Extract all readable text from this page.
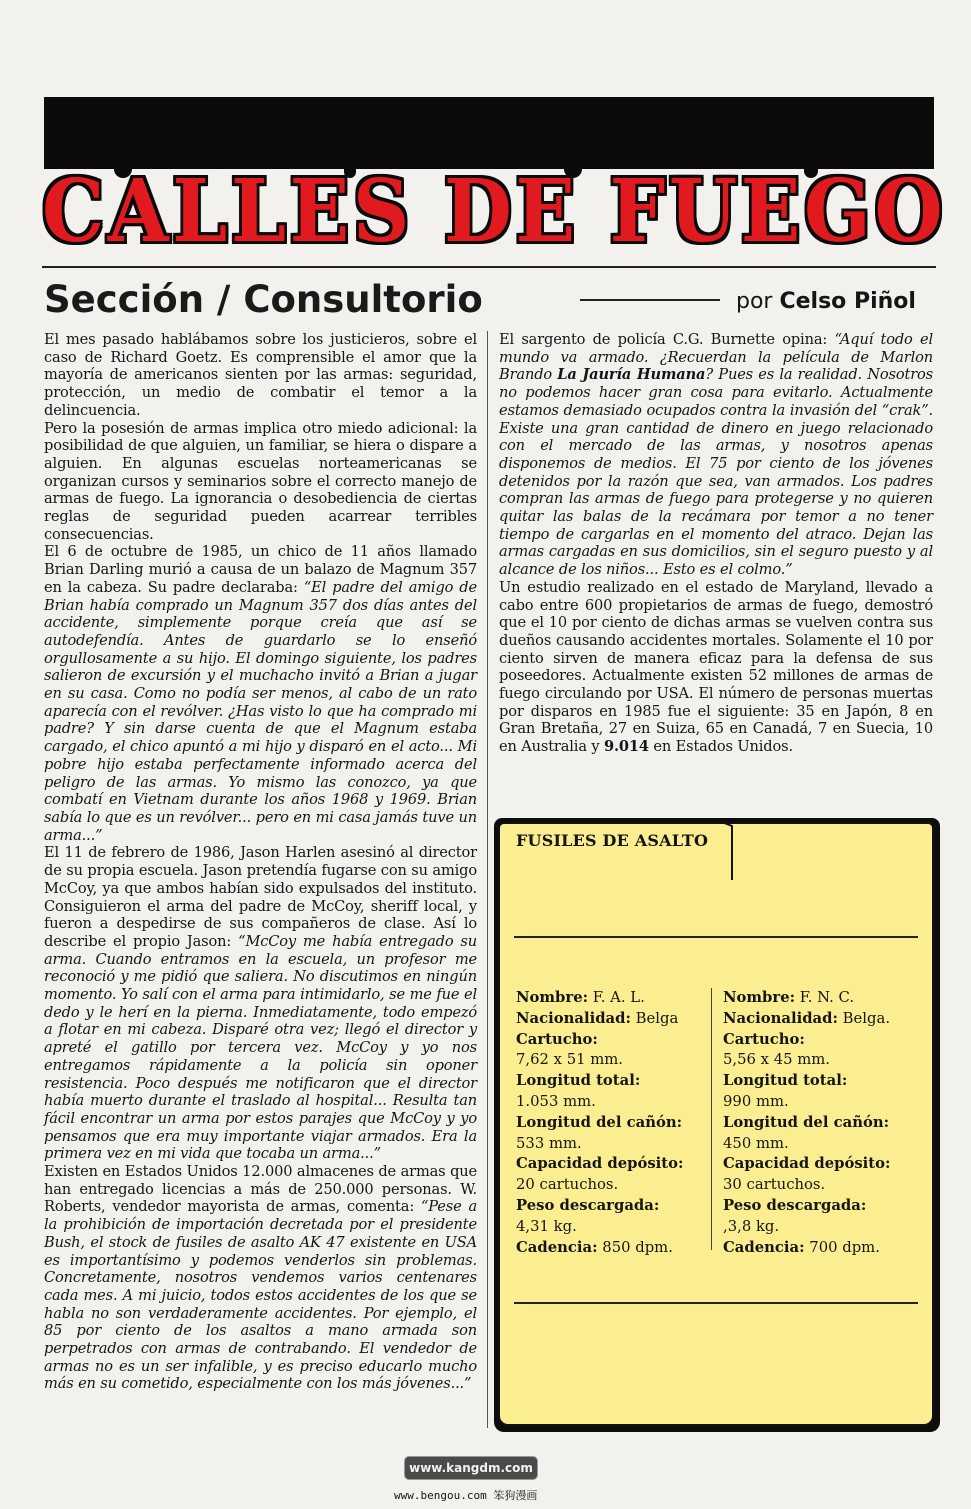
CALLES DE FUEGO
Sección / Consultorio	por Celso Piñol

El mes pasado hablábamos sobre los justicieros, sobre el caso de Richard Goetz. Es comprensible el amor que la mayoría de americanos sienten por las armas: seguridad, protección, un medio de combatir el temor a la delincuencia.

Pero la posesión de armas implica otro miedo adicional: la posibilidad de que alguien, un familiar, se hiera o dispare a alguien. En algunas escuelas norteamericanas se organizan cursos y seminarios sobre el correcto manejo de armas de fuego. La ignorancia o desobediencia de ciertas reglas de seguridad pueden acarrear terribles consecuencias.

El 6 de octubre de 1985, un chico de 11 años llamado Brian Darling murió a causa de un balazo de Magnum 357 en la cabeza. Su padre declaraba: “El padre del amigo de Brian había comprado un Magnum 357 dos días antes del accidente, simplemente porque creía que así se autodefendía. Antes de guardarlo se lo enseñó orgullosamente a su hijo. El domingo siguiente, los padres salieron de excursión y el muchacho invitó a Brian a jugar en su casa. Como no podía ser menos, al cabo de un rato aparecía con el revólver. ¿Has visto lo que ha comprado mi padre? Y sin darse cuenta de que el Magnum estaba cargado, el chico apuntó a mi hijo y disparó en el acto... Mi pobre hijo estaba perfectamente informado acerca del peligro de las armas. Yo mismo las conozco, ya que combatí en Vietnam durante los años 1968 y 1969. Brian sabía lo que es un revólver... pero en mi casa jamás tuve un arma...”

El 11 de febrero de 1986, Jason Harlen asesinó al director de su propia escuela. Jason pretendía fugarse con su amigo McCoy, ya que ambos habían sido expulsados del instituto. Consiguieron el arma del padre de McCoy, sheriff local, y fueron a despedirse de sus compañeros de clase. Así lo describe el propio Jason: “McCoy me había entregado su arma. Cuando entramos en la escuela, un profesor me reconoció y me pidió que saliera. No discutimos en ningún momento. Yo salí con el arma para intimidarlo, se me fue el dedo y le herí en la pierna. Inmediatamente, todo empezó a flotar en mi cabeza. Disparé otra vez; llegó el director y apreté el gatillo por tercera vez. McCoy y yo nos entregamos rápidamente a la policía sin oponer resistencia. Poco después me notificaron que el director había muerto durante el traslado al hospital... Resulta tan fácil encontrar un arma por estos parajes que McCoy y yo pensamos que era muy importante viajar armados. Era la primera vez en mi vida que tocaba un arma...”

Existen en Estados Unidos 12.000 almacenes de armas que han entregado licencias a más de 250.000 personas. W. Roberts, vendedor mayorista de armas, comenta: “Pese a la prohibición de importación decretada por el presidente Bush, el stock de fusiles de asalto AK 47 existente en USA es importantísimo y podemos venderlos sin problemas. Concretamente, nosotros vendemos varios centenares cada mes. A mi juicio, todos estos accidentes de los que se habla no son verdaderamente accidentes. Por ejemplo, el 85 por ciento de los asaltos a mano armada son perpetrados con armas de contrabando. El vendedor de armas no es un ser infalible, y es preciso educarlo mucho más en su cometido, especialmente con los más jóvenes...”

El sargento de policía C.G. Burnette opina: “Aquí todo el mundo va armado. ¿Recuerdan la película de Marlon Brando La Jauría Humana? Pues es la realidad. Nosotros no podemos hacer gran cosa para evitarlo. Actualmente estamos demasiado ocupados contra la invasión del “crak”. Existe una gran cantidad de dinero en juego relacionado con el mercado de las armas, y nosotros apenas disponemos de medios. El 75 por ciento de los jóvenes detenidos por la razón que sea, van armados. Los padres compran las armas de fuego para protegerse y no quieren quitar las balas de la recámara por temor a no tener tiempo de cargarlas en el momento del atraco. Dejan las armas cargadas en sus domicilios, sin el seguro puesto y al alcance de los niños... Esto es el colmo.”

Un estudio realizado en el estado de Maryland, llevado a cabo entre 600 propietarios de armas de fuego, demostró que el 10 por ciento de dichas armas se vuelven contra sus dueños causando accidentes mortales. Solamente el 10 por ciento sirven de manera eficaz para la defensa de sus poseedores. Actualmente existen 52 millones de armas de fuego circulando por USA. El número de personas muertas por disparos en 1985 fue el siguiente: 35 en Japón, 8 en Gran Bretaña, 27 en Suiza, 65 en Canadá, 7 en Suecia, 10 en Australia y 9.014 en Estados Unidos.

FUSILES DE ASALTO
Nombre: F. A. L.
Nacionalidad: Belga
Cartucho:
7,62 x 51 mm.
Longitud total:
1.053 mm.
Longitud del cañón:
533 mm.
Capacidad depósito:
20 cartuchos.
Peso descargada:
4,31 kg.
Cadencia: 850 dpm.
Nombre: F. N. C.
Nacionalidad: Belga.
Cartucho:
5,56 x 45 mm.
Longitud total:
990 mm.
Longitud del cañón:
450 mm.
Capacidad depósito:
30 cartuchos.
Peso descargada:
,3,8 kg.
Cadencia: 700 dpm.
www.kangdm.com
www.bengou.com 笨狗漫画
